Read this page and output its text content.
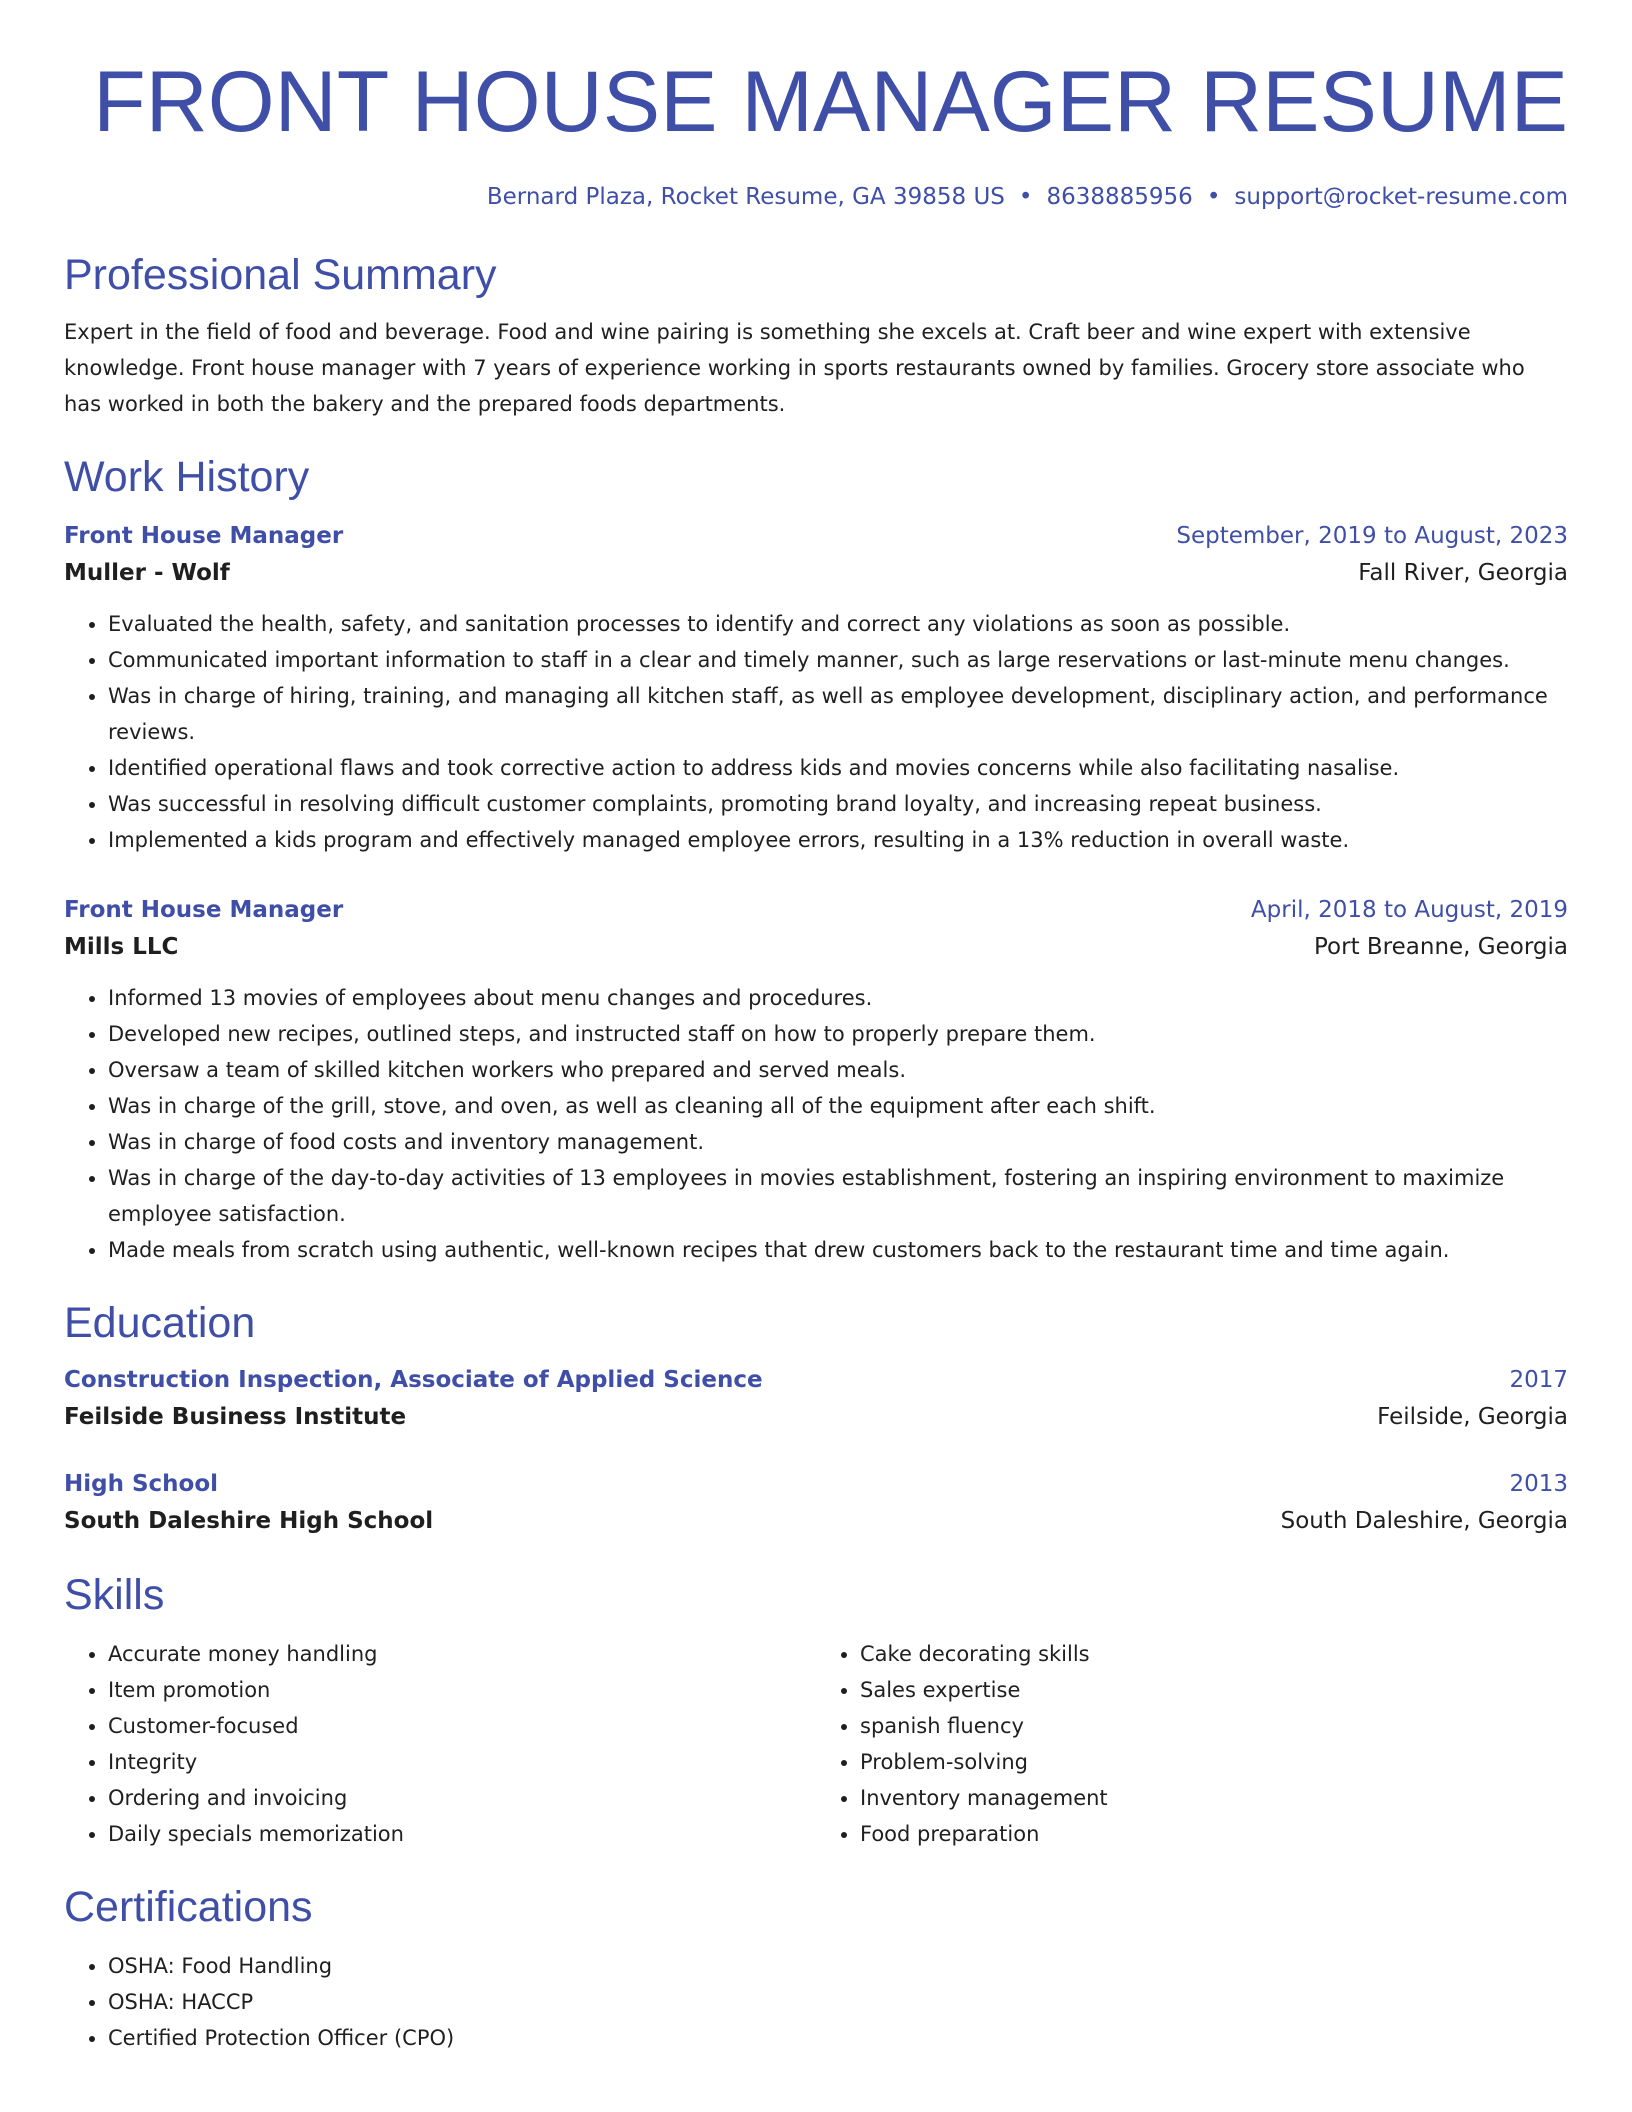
FRONT HOUSE MANAGER RESUME
Bernard Plaza, Rocket Resume, GA 39858 US • 8638885956 • support@rocket-resume.com
Professional Summary
Expert in the field of food and beverage. Food and wine pairing is something she excels at. Craft beer and wine expert with extensive knowledge. Front house manager with 7 years of experience working in sports restaurants owned by families. Grocery store associate who has worked in both the bakery and the prepared foods departments.
Work History
Front House Manager	September, 2019 to August, 2023
Muller - Wolf	Fall River, Georgia
• Evaluated the health, safety, and sanitation processes to identify and correct any violations as soon as possible.
• Communicated important information to staff in a clear and timely manner, such as large reservations or last-minute menu changes.
• Was in charge of hiring, training, and managing all kitchen staff, as well as employee development, disciplinary action, and performance reviews.
• Identified operational flaws and took corrective action to address kids and movies concerns while also facilitating nasalise.
• Was successful in resolving difficult customer complaints, promoting brand loyalty, and increasing repeat business.
• Implemented a kids program and effectively managed employee errors, resulting in a 13% reduction in overall waste.
Front House Manager	April, 2018 to August, 2019
Mills LLC	Port Breanne, Georgia
• Informed 13 movies of employees about menu changes and procedures.
• Developed new recipes, outlined steps, and instructed staff on how to properly prepare them.
• Oversaw a team of skilled kitchen workers who prepared and served meals.
• Was in charge of the grill, stove, and oven, as well as cleaning all of the equipment after each shift.
• Was in charge of food costs and inventory management.
• Was in charge of the day-to-day activities of 13 employees in movies establishment, fostering an inspiring environment to maximize employee satisfaction.
• Made meals from scratch using authentic, well-known recipes that drew customers back to the restaurant time and time again.
Education
Construction Inspection, Associate of Applied Science	2017
Feilside Business Institute	Feilside, Georgia
High School	2013
South Daleshire High School	South Daleshire, Georgia
Skills
• Accurate money handling
• Item promotion
• Customer-focused
• Integrity
• Ordering and invoicing
• Daily specials memorization
• Cake decorating skills
• Sales expertise
• spanish fluency
• Problem-solving
• Inventory management
• Food preparation
Certifications
• OSHA: Food Handling
• OSHA: HACCP
• Certified Protection Officer (CPO)
